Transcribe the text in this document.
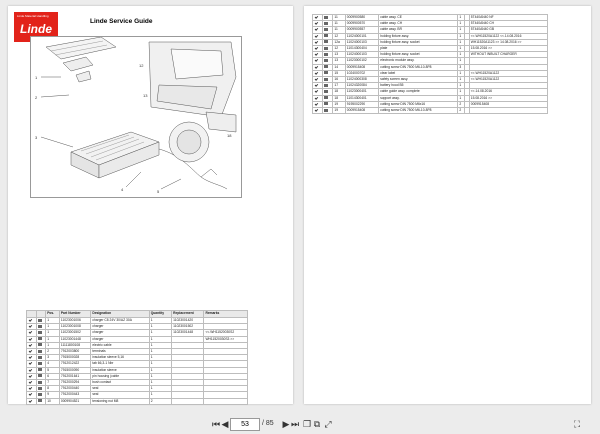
Linde Material Handling
Linde
Linde Service Guide
1
2
3
4	5
12
13
18
		Pos.	Part Number	Designation	Quantity	Replacement	Remarks
		1	11023001006	charger C8 24V 30/AZ 30A	1	11023001420	
		1	11023001008	charger	1	11023001502	
		1	11023001502	charger	1	11023001448	<<.WH11520030S2
		1	11023001448	charger	1		WH11520030S3 >>
		1	11111800108	electric cable	1		
		2	7912003800	terminals	1		
		3	7915000028	insulation sleeve 5,16	1		
		4	7912012422	tab 66,3-1 Nbr	1		
		5	7915000090	insulation sleeve	1		
		6	7912001641	pin housing (cable	1		
		7	7912000294	bush contact	1		
		8	7912000440	seal	1		
		9	7912000443	seal	1		
		10	0009904521	tensioning nut M8	2		
		11	0009900580	cable assy. CE	1		5T440AN40 NF
		11	0009900570	cable assy. CH	1		5T440AN40 CH
		11	0009900557	cable assy. BR	1		5T440AN40 GB
		12	11024000101	holding fixture assy.	1		<<.WH11520A1122 <<.14.08.2016
		12a	11024000103	holding fixture assy. socket	1		WH11520A1123 >> 14.08.2016 >>
		12	11014300404	plate	1		15.08.2016 >>
		13	11024000103	holding fixture assy. socket	1		WITHOUT INBUILT CHARGER
		13	11023000102	electronic module assy.	1		
		14	0009915408	cutting screw DIN 7500 M6-10-8P8	3		
		15	1024000702	clear label	1		<<.WH11520A1122
		16	11024000308	safety screen assy.	1		<<.WH11520A1122
		17	11024320084	battery hood B5	1		
		18	11023000401	cable guide assy. complete	1		<<.14.08.2016
		18	11014300401	support assy.	1		15.08.2016 >>
		19	9195002290	cutting screw DIN 7500 M6x16	2		0009915408
		19	0009915408	cutting screw DIN 7500 M6-10-8P8	2		
⏮ ◀	53	/ 85 ▶ ⏭ ❐ ⧉ ⤢	⛶
